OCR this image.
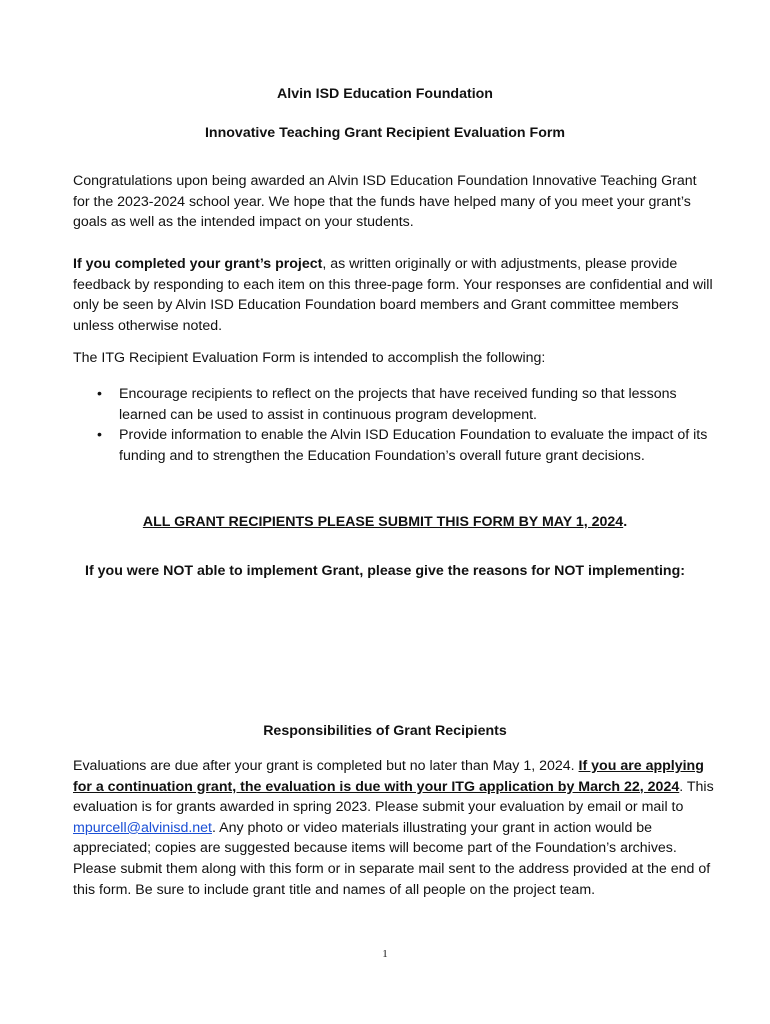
Alvin ISD Education Foundation
Innovative Teaching Grant Recipient Evaluation Form

Congratulations upon being awarded an Alvin ISD Education Foundation Innovative Teaching Grant for the 2023-2024 school year. We hope that the funds have helped many of you meet your grant’s goals as well as the intended impact on your students.

If you completed your grant’s project, as written originally or with adjustments, please provide feedback by responding to each item on this three-page form. Your responses are confidential and will only be seen by Alvin ISD Education Foundation board members and Grant committee members unless otherwise noted.

The ITG Recipient Evaluation Form is intended to accomplish the following:

• Encourage recipients to reflect on the projects that have received funding so that lessons learned can be used to assist in continuous program development.
• Provide information to enable the Alvin ISD Education Foundation to evaluate the impact of its funding and to strengthen the Education Foundation’s overall future grant decisions.
ALL GRANT RECIPIENTS PLEASE SUBMIT THIS FORM BY MAY 1, 2024.
If you were NOT able to implement Grant, please give the reasons for NOT implementing:
Responsibilities of Grant Recipients

Evaluations are due after your grant is completed but no later than May 1, 2024. If you are applying for a continuation grant, the evaluation is due with your ITG application by March 22, 2024. This evaluation is for grants awarded in spring 2023. Please submit your evaluation by email or mail to mpurcell@alvinisd.net. Any photo or video materials illustrating your grant in action would be appreciated; copies are suggested because items will become part of the Foundation’s archives. Please submit them along with this form or in separate mail sent to the address provided at the end of this form. Be sure to include grant title and names of all people on the project team.

1
